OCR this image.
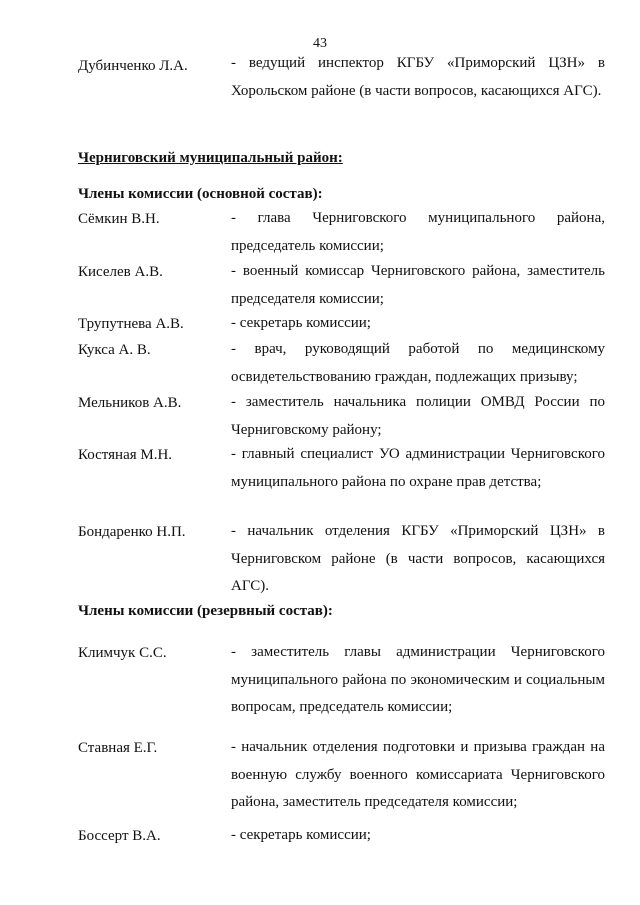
43
Дубинченко Л.А.	- ведущий инспектор КГБУ «Приморский ЦЗН» в Хорольском районе (в части вопросов, касающихся АГС).
Черниговский муниципальный район:
Члены комиссии (основной состав):
Сёмкин В.Н.	- глава Черниговского муниципального района, председатель комиссии;
Киселев А.В.	- военный комиссар Черниговского района, заместитель председателя комиссии;
Трупутнева А.В.	- секретарь комиссии;
Кукса А. В.	- врач, руководящий работой по медицинскому освидетельствованию граждан, подлежащих призыву;
Мельников А.В.	- заместитель начальника полиции ОМВД России по Черниговскому району;
Костяная М.Н.	- главный специалист УО администрации Черниговского муниципального района по охране прав детства;
Бондаренко Н.П.	- начальник отделения КГБУ «Приморский ЦЗН» в Черниговском районе (в части вопросов, касающихся АГС).
Члены комиссии (резервный состав):
Климчук С.С.	- заместитель главы администрации Черниговского муниципального района по экономическим и социальным вопросам, председатель комиссии;
Ставная Е.Г.	- начальник отделения подготовки и призыва граждан на военную службу военного комиссариата Черниговского района, заместитель председателя комиссии;
Боссерт В.А.	- секретарь комиссии;
